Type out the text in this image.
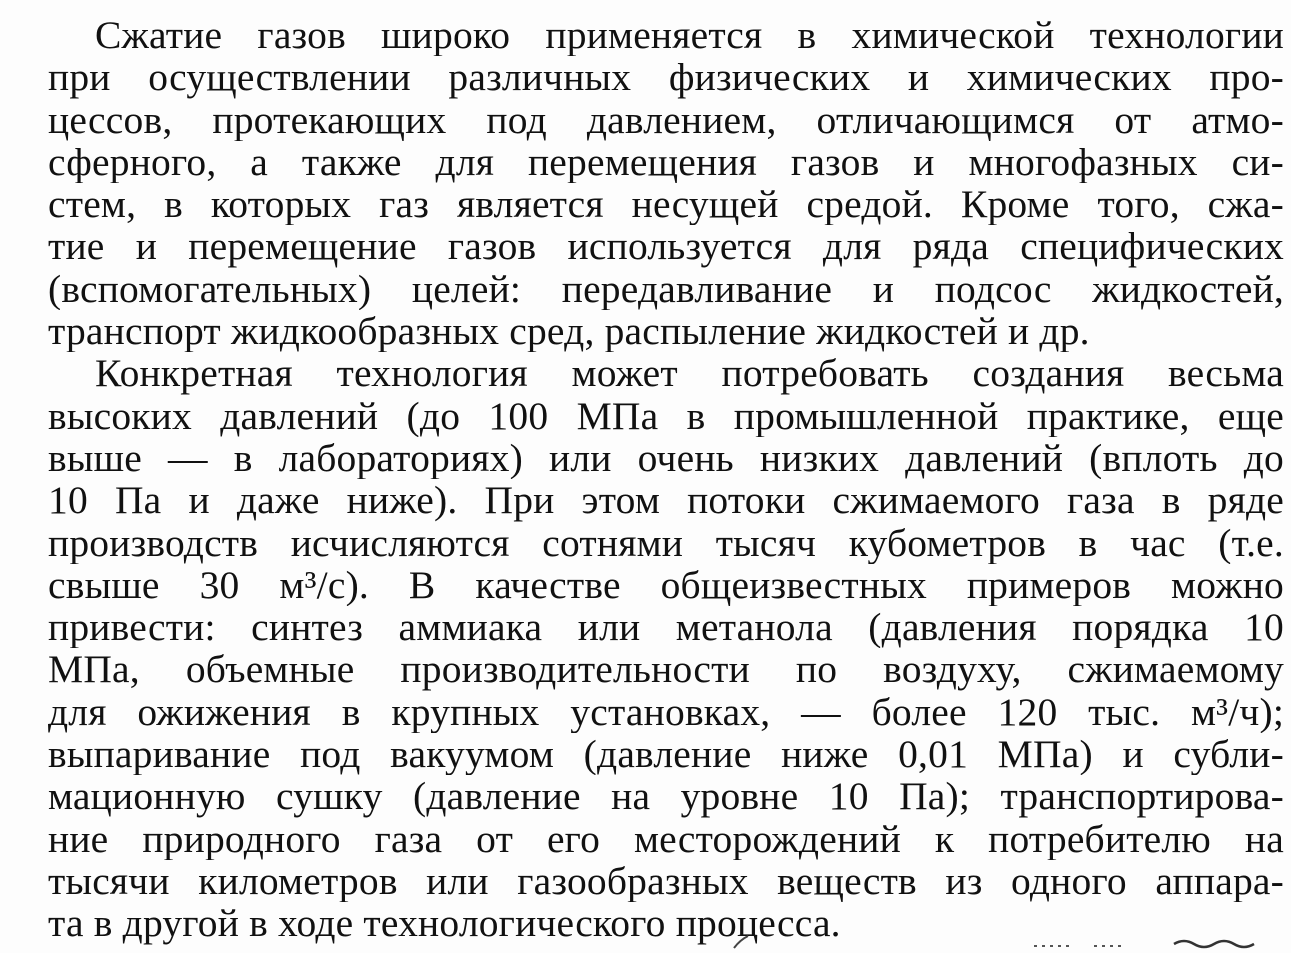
Сжатие газов широко применяется в химической технологии
при осуществлении различных физических и химических про-
цессов, протекающих под давлением, отличающимся от атмо-
сферного, а также для перемещения газов и многофазных си-
стем, в которых газ является несущей средой. Кроме того, сжа-
тие и перемещение газов используется для ряда специфических
(вспомогательных) целей: передавливание и подсос жидкостей,
транспорт жидкообразных сред, распыление жидкостей и др.
Конкретная технология может потребовать создания весьма
высоких давлений (до 100 МПа в промышленной практике, еще
выше — в лабораториях) или очень низких давлений (вплоть до
10 Па и даже ниже). При этом потоки сжимаемого газа в ряде
производств исчисляются сотнями тысяч кубометров в час (т.е.
свыше 30 м³/с). В качестве общеизвестных примеров можно
привести: синтез аммиака или метанола (давления порядка 10
МПа, объемные производительности по воздуху, сжимаемому
для ожижения в крупных установках, — более 120 тыс. м³/ч);
выпаривание под вакуумом (давление ниже 0,01 МПа) и субли-
мационную сушку (давление на уровне 10 Па); транспортирова-
ние природного газа от его месторождений к потребителю на
тысячи километров или газообразных веществ из одного аппара-
та в другой в ходе технологического процесса.
